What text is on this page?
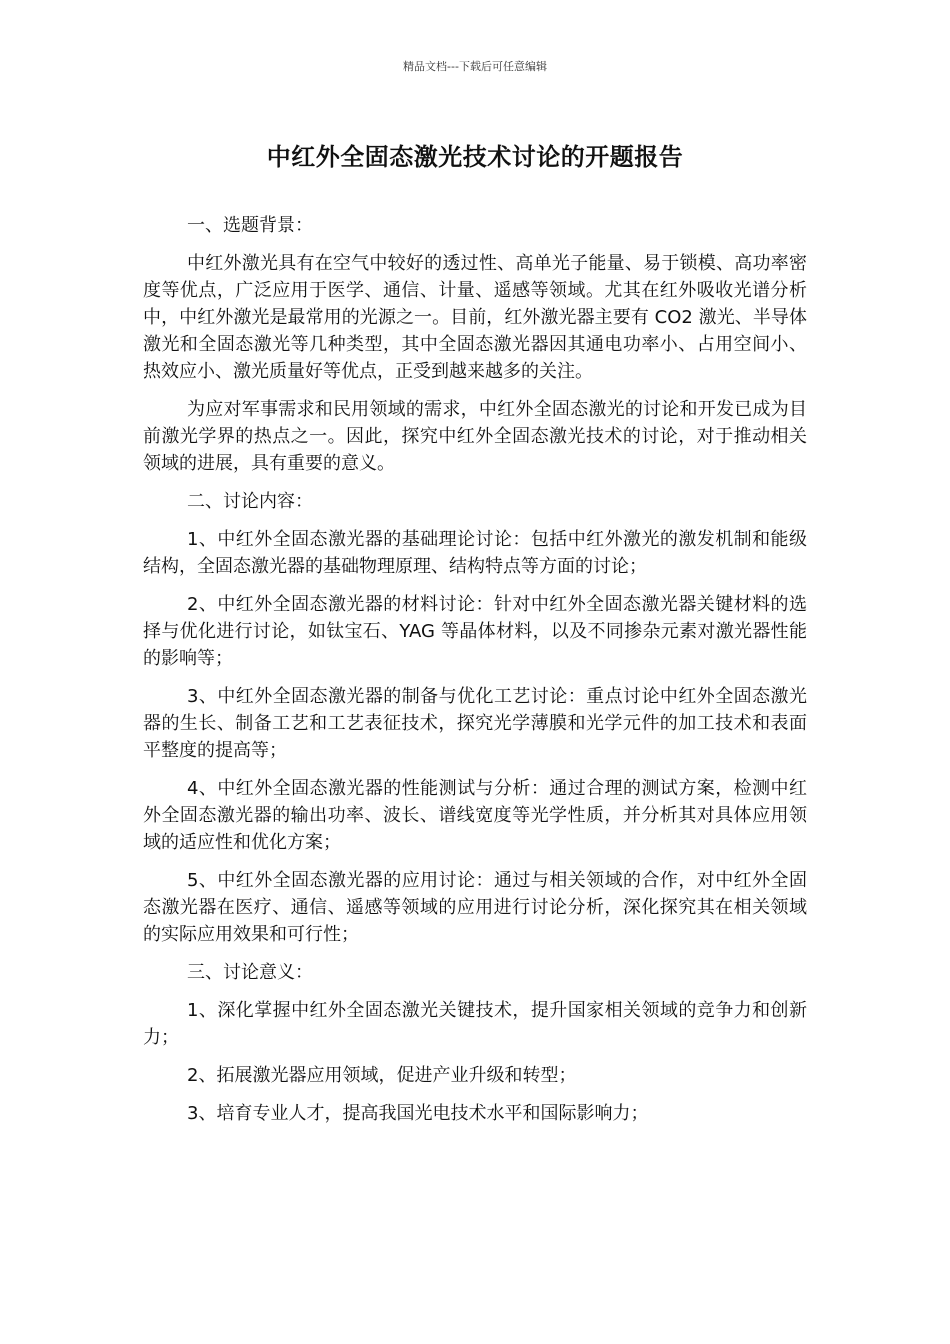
精品文档---下载后可任意编辑
中红外全固态激光技术讨论的开题报告

一、选题背景：

中红外激光具有在空气中较好的透过性、高单光子能量、易于锁模、高功率密度等优点，广泛应用于医学、通信、计量、遥感等领域。尤其在红外吸收光谱分析中，中红外激光是最常用的光源之一。目前，红外激光器主要有 CO2 激光、半导体激光和全固态激光等几种类型，其中全固态激光器因其通电功率小、占用空间小、热效应小、激光质量好等优点，正受到越来越多的关注。

为应对军事需求和民用领域的需求，中红外全固态激光的讨论和开发已成为目前激光学界的热点之一。因此，探究中红外全固态激光技术的讨论，对于推动相关领域的进展，具有重要的意义。

二、讨论内容：

1、中红外全固态激光器的基础理论讨论：包括中红外激光的激发机制和能级结构，全固态激光器的基础物理原理、结构特点等方面的讨论；

2、中红外全固态激光器的材料讨论：针对中红外全固态激光器关键材料的选择与优化进行讨论，如钛宝石、YAG 等晶体材料，以及不同掺杂元素对激光器性能的影响等；

3、中红外全固态激光器的制备与优化工艺讨论：重点讨论中红外全固态激光器的生长、制备工艺和工艺表征技术，探究光学薄膜和光学元件的加工技术和表面平整度的提高等；

4、中红外全固态激光器的性能测试与分析：通过合理的测试方案，检测中红外全固态激光器的输出功率、波长、谱线宽度等光学性质，并分析其对具体应用领域的适应性和优化方案；

5、中红外全固态激光器的应用讨论：通过与相关领域的合作，对中红外全固态激光器在医疗、通信、遥感等领域的应用进行讨论分析，深化探究其在相关领域的实际应用效果和可行性；

三、讨论意义：

1、深化掌握中红外全固态激光关键技术，提升国家相关领域的竞争力和创新力；

2、拓展激光器应用领域，促进产业升级和转型；

3、培育专业人才，提高我国光电技术水平和国际影响力；
